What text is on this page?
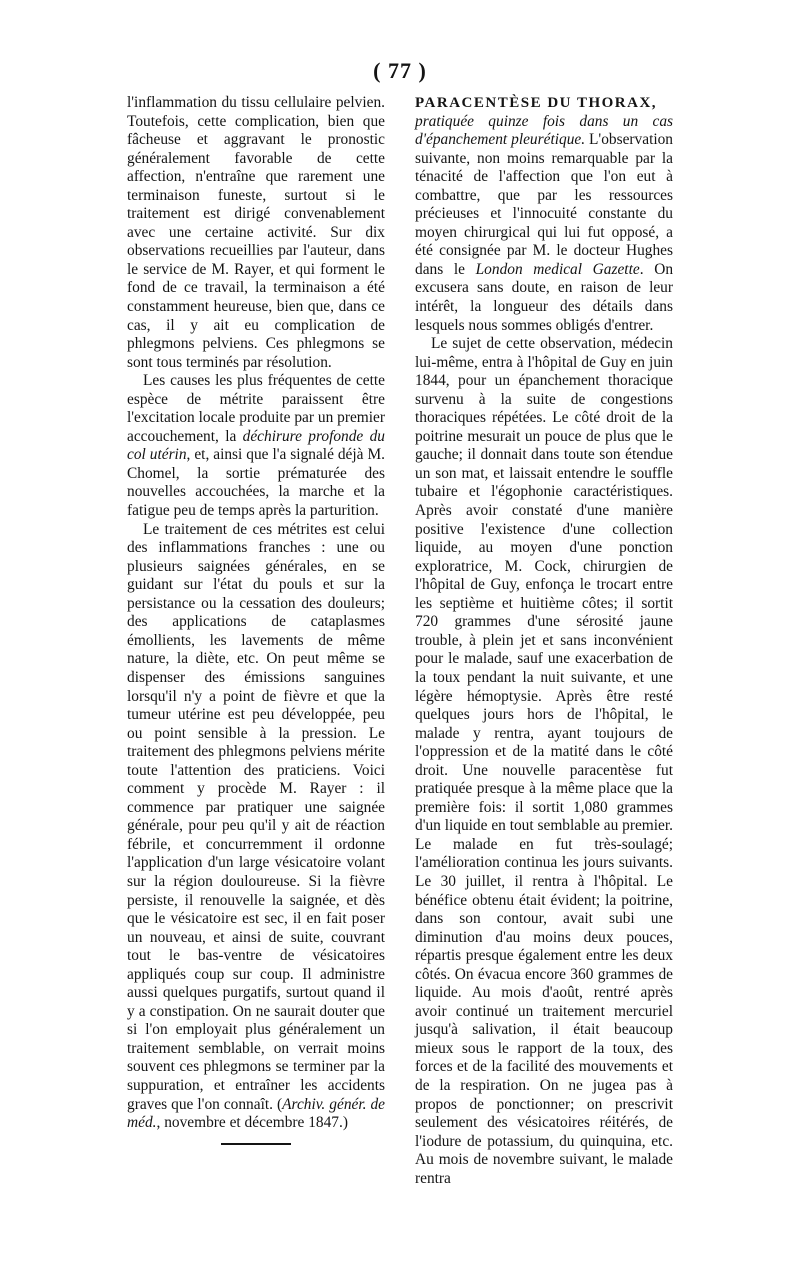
( 77 )

l'inflammation du tissu cellulaire pelvien. Toutefois, cette complication, bien que fâcheuse et aggravant le pronostic généralement favorable de cette affection, n'entraîne que rarement une terminaison funeste, surtout si le traitement est dirigé convenablement avec une certaine activité. Sur dix observations recueillies par l'auteur, dans le service de M. Rayer, et qui forment le fond de ce travail, la terminaison a été constamment heureuse, bien que, dans ce cas, il y ait eu complication de phlegmons pelviens. Ces phlegmons se sont tous terminés par résolution.

Les causes les plus fréquentes de cette espèce de métrite paraissent être l'excitation locale produite par un premier accouchement, la déchirure profonde du col utérin, et, ainsi que l'a signalé déjà M. Chomel, la sortie prématurée des nouvelles accouchées, la marche et la fatigue peu de temps après la parturition.

Le traitement de ces métrites est celui des inflammations franches : une ou plusieurs saignées générales, en se guidant sur l'état du pouls et sur la persistance ou la cessation des douleurs; des applications de cataplasmes émollients, les lavements de même nature, la diète, etc. On peut même se dispenser des émissions sanguines lorsqu'il n'y a point de fièvre et que la tumeur utérine est peu développée, peu ou point sensible à la pression. Le traitement des phlegmons pelviens mérite toute l'attention des praticiens. Voici comment y procède M. Rayer : il commence par pratiquer une saignée générale, pour peu qu'il y ait de réaction fébrile, et concurremment il ordonne l'application d'un large vésicatoire volant sur la région douloureuse. Si la fièvre persiste, il renouvelle la saignée, et dès que le vésicatoire est sec, il en fait poser un nouveau, et ainsi de suite, couvrant tout le bas-ventre de vésicatoires appliqués coup sur coup. Il administre aussi quelques purgatifs, surtout quand il y a constipation. On ne saurait douter que si l'on employait plus généralement un traitement semblable, on verrait moins souvent ces phlegmons se terminer par la suppuration, et entraîner les accidents graves que l'on connaît. (Archiv. génér. de méd., novembre et décembre 1847.)

PARACENTÈSE DU THORAX,

pratiquée quinze fois dans un cas d'épanchement pleurétique. L'observation suivante, non moins remarquable par la ténacité de l'affection que l'on eut à combattre, que par les ressources précieuses et l'innocuité constante du moyen chirurgical qui lui fut opposé, a été consignée par M. le docteur Hughes dans le London medical Gazette. On excusera sans doute, en raison de leur intérêt, la longueur des détails dans lesquels nous sommes obligés d'entrer.

Le sujet de cette observation, médecin lui-même, entra à l'hôpital de Guy en juin 1844, pour un épanchement thoracique survenu à la suite de congestions thoraciques répétées. Le côté droit de la poitrine mesurait un pouce de plus que le gauche; il donnait dans toute son étendue un son mat, et laissait entendre le souffle tubaire et l'égophonie caractéristiques. Après avoir constaté d'une manière positive l'existence d'une collection liquide, au moyen d'une ponction exploratrice, M. Cock, chirurgien de l'hôpital de Guy, enfonça le trocart entre les septième et huitième côtes; il sortit 720 grammes d'une sérosité jaune trouble, à plein jet et sans inconvénient pour le malade, sauf une exacerbation de la toux pendant la nuit suivante, et une légère hémoptysie. Après être resté quelques jours hors de l'hôpital, le malade y rentra, ayant toujours de l'oppression et de la matité dans le côté droit. Une nouvelle paracentèse fut pratiquée presque à la même place que la première fois: il sortit 1,080 grammes d'un liquide en tout semblable au premier. Le malade en fut très-soulagé; l'amélioration continua les jours suivants. Le 30 juillet, il rentra à l'hôpital. Le bénéfice obtenu était évident; la poitrine, dans son contour, avait subi une diminution d'au moins deux pouces, répartis presque également entre les deux côtés. On évacua encore 360 grammes de liquide. Au mois d'août, rentré après avoir continué un traitement mercuriel jusqu'à salivation, il était beaucoup mieux sous le rapport de la toux, des forces et de la facilité des mouvements et de la respiration. On ne jugea pas à propos de ponctionner; on prescrivit seulement des vésicatoires réitérés, de l'iodure de potassium, du quinquina, etc. Au mois de novembre suivant, le malade rentra
